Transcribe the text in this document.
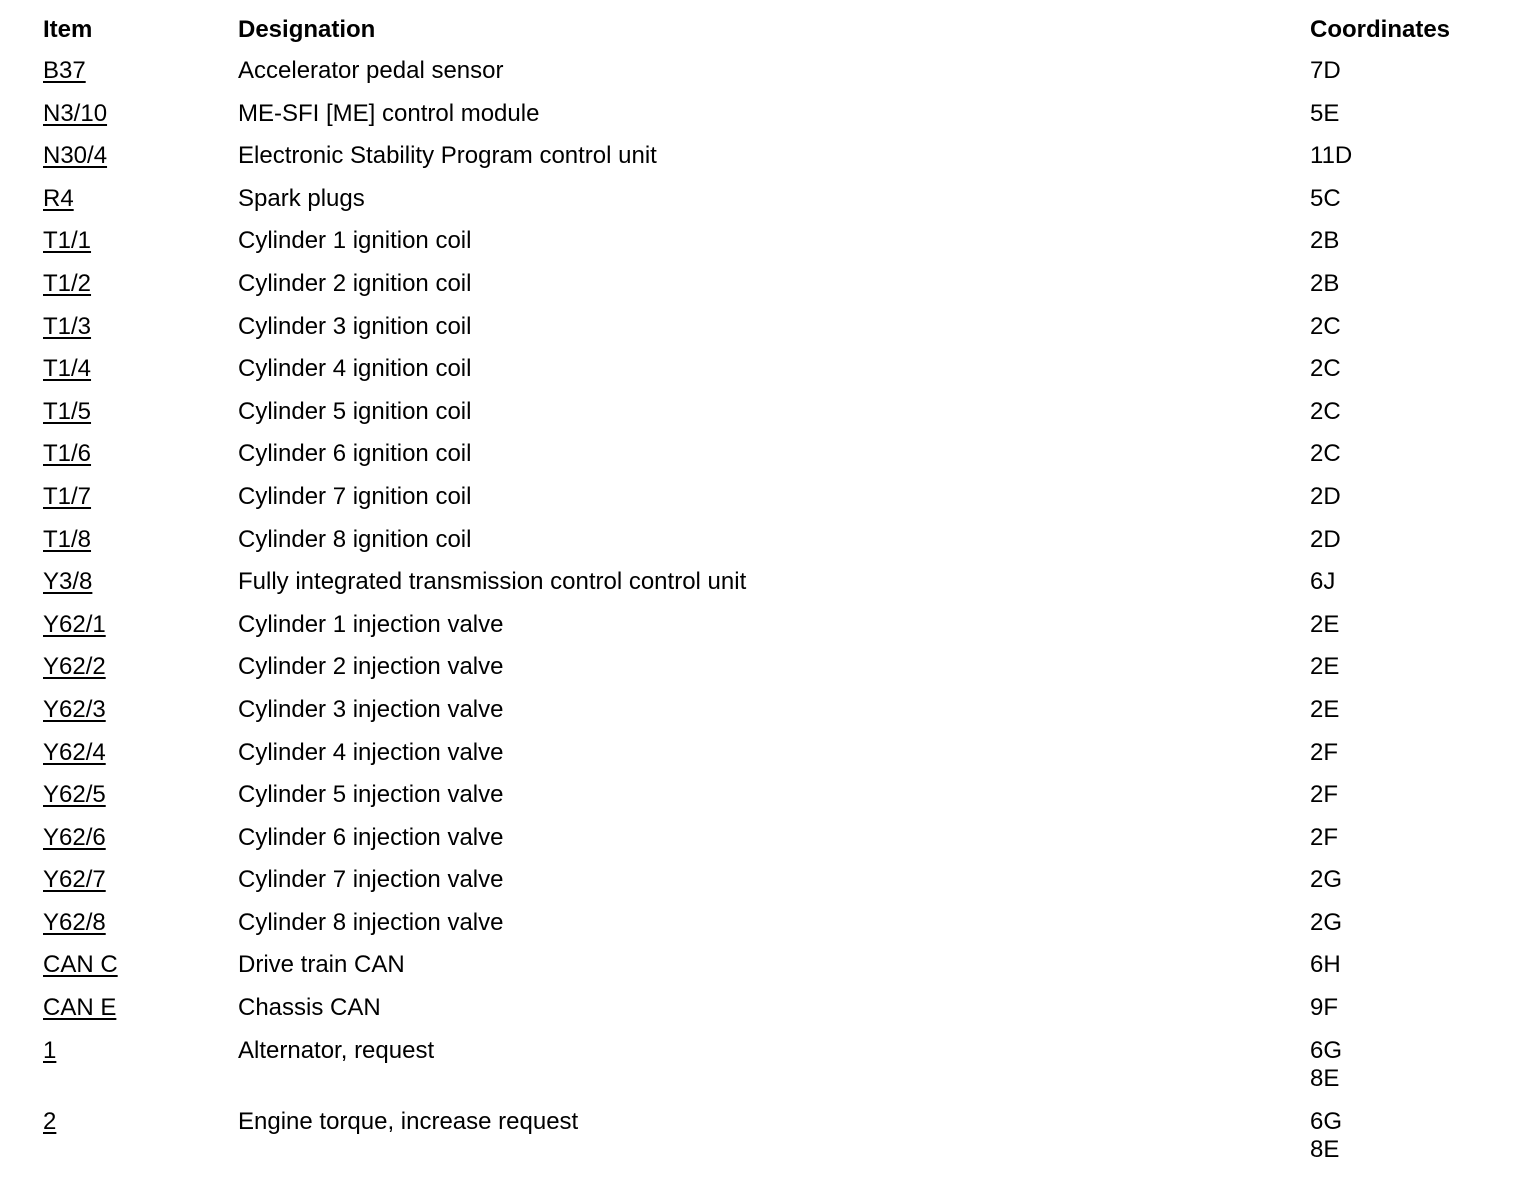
Item	Designation	Coordinates
B37	Accelerator pedal sensor	7D
N3/10	ME-SFI [ME] control module	5E
N30/4	Electronic Stability Program control unit	11D
R4	Spark plugs	5C
T1/1	Cylinder 1 ignition coil	2B
T1/2	Cylinder 2 ignition coil	2B
T1/3	Cylinder 3 ignition coil	2C
T1/4	Cylinder 4 ignition coil	2C
T1/5	Cylinder 5 ignition coil	2C
T1/6	Cylinder 6 ignition coil	2C
T1/7	Cylinder 7 ignition coil	2D
T1/8	Cylinder 8 ignition coil	2D
Y3/8	Fully integrated transmission control control unit	6J
Y62/1	Cylinder 1 injection valve	2E
Y62/2	Cylinder 2 injection valve	2E
Y62/3	Cylinder 3 injection valve	2E
Y62/4	Cylinder 4 injection valve	2F
Y62/5	Cylinder 5 injection valve	2F
Y62/6	Cylinder 6 injection valve	2F
Y62/7	Cylinder 7 injection valve	2G
Y62/8	Cylinder 8 injection valve	2G
CAN C	Drive train CAN	6H
CAN E	Chassis CAN	9F
1	Alternator, request	6G
8E
2	Engine torque, increase request	6G
8E
